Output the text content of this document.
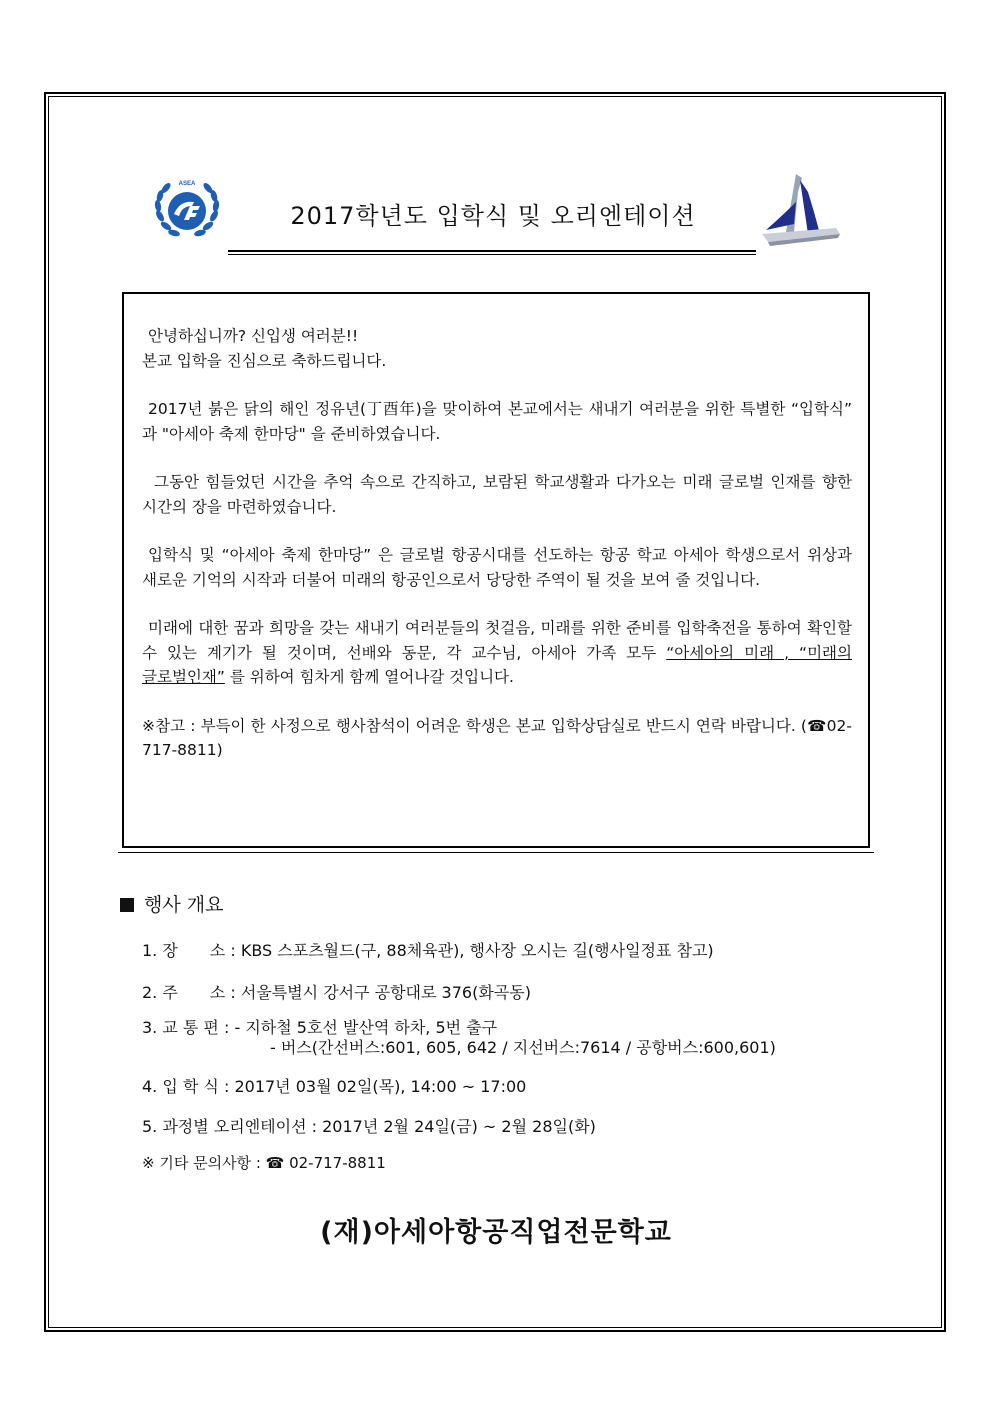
ASEA
2017학년도 입학식 및 오리엔테이션

안녕하십니까? 신입생 여러분!!
본교 입학을 진심으로 축하드립니다.

2017년 붉은 닭의 해인 정유년(丁酉年)을 맞이하여 본교에서는 새내기 여러분을 위한 특별한 “입학식” 과 "아세아 축제 한마당" 을 준비하였습니다.

그동안 힘들었던 시간을 추억 속으로 간직하고, 보람된 학교생활과 다가오는 미래 글로벌 인재를 향한 시간의 장을 마련하였습니다.

입학식 및 “아세아 축제 한마당” 은 글로벌 항공시대를 선도하는 항공 학교 아세아 학생으로서 위상과 새로운 기억의 시작과 더불어 미래의 항공인으로서 당당한 주역이 될 것을 보여 줄 것입니다.

미래에 대한 꿈과 희망을 갖는 새내기 여러분들의 첫걸음, 미래를 위한 준비를 입학축전을 통하여 확인할 수 있는 계기가 될 것이며, 선배와 동문, 각 교수님, 아세아 가족 모두 “아세아의 미래 , “미래의 글로벌인재” 를 위하여 힘차게 함께 열어나갈 것입니다.

※참고 : 부득이 한 사정으로 행사참석이 어려운 학생은 본교 입학상담실로 반드시 연락 바랍니다. (☎02-717-8811)

행사 개요
1. 장　　소 : KBS 스포츠월드(구, 88체육관), 행사장 오시는 길(행사일정표 참고)
2. 주　　소 : 서울특별시 강서구 공항대로 376(화곡동)
3. 교 통 편 : - 지하철 5호선 발산역 하차, 5번 출구
- 버스(간선버스:601, 605, 642 / 지선버스:7614 / 공항버스:600,601)
4. 입 학 식 : 2017년 03월 02일(목), 14:00 ~ 17:00
5. 과정별 오리엔테이션 : 2017년 2월 24일(금) ~ 2월 28일(화)
※ 기타 문의사항 : ☎ 02-717-8811
(재)아세아항공직업전문학교
